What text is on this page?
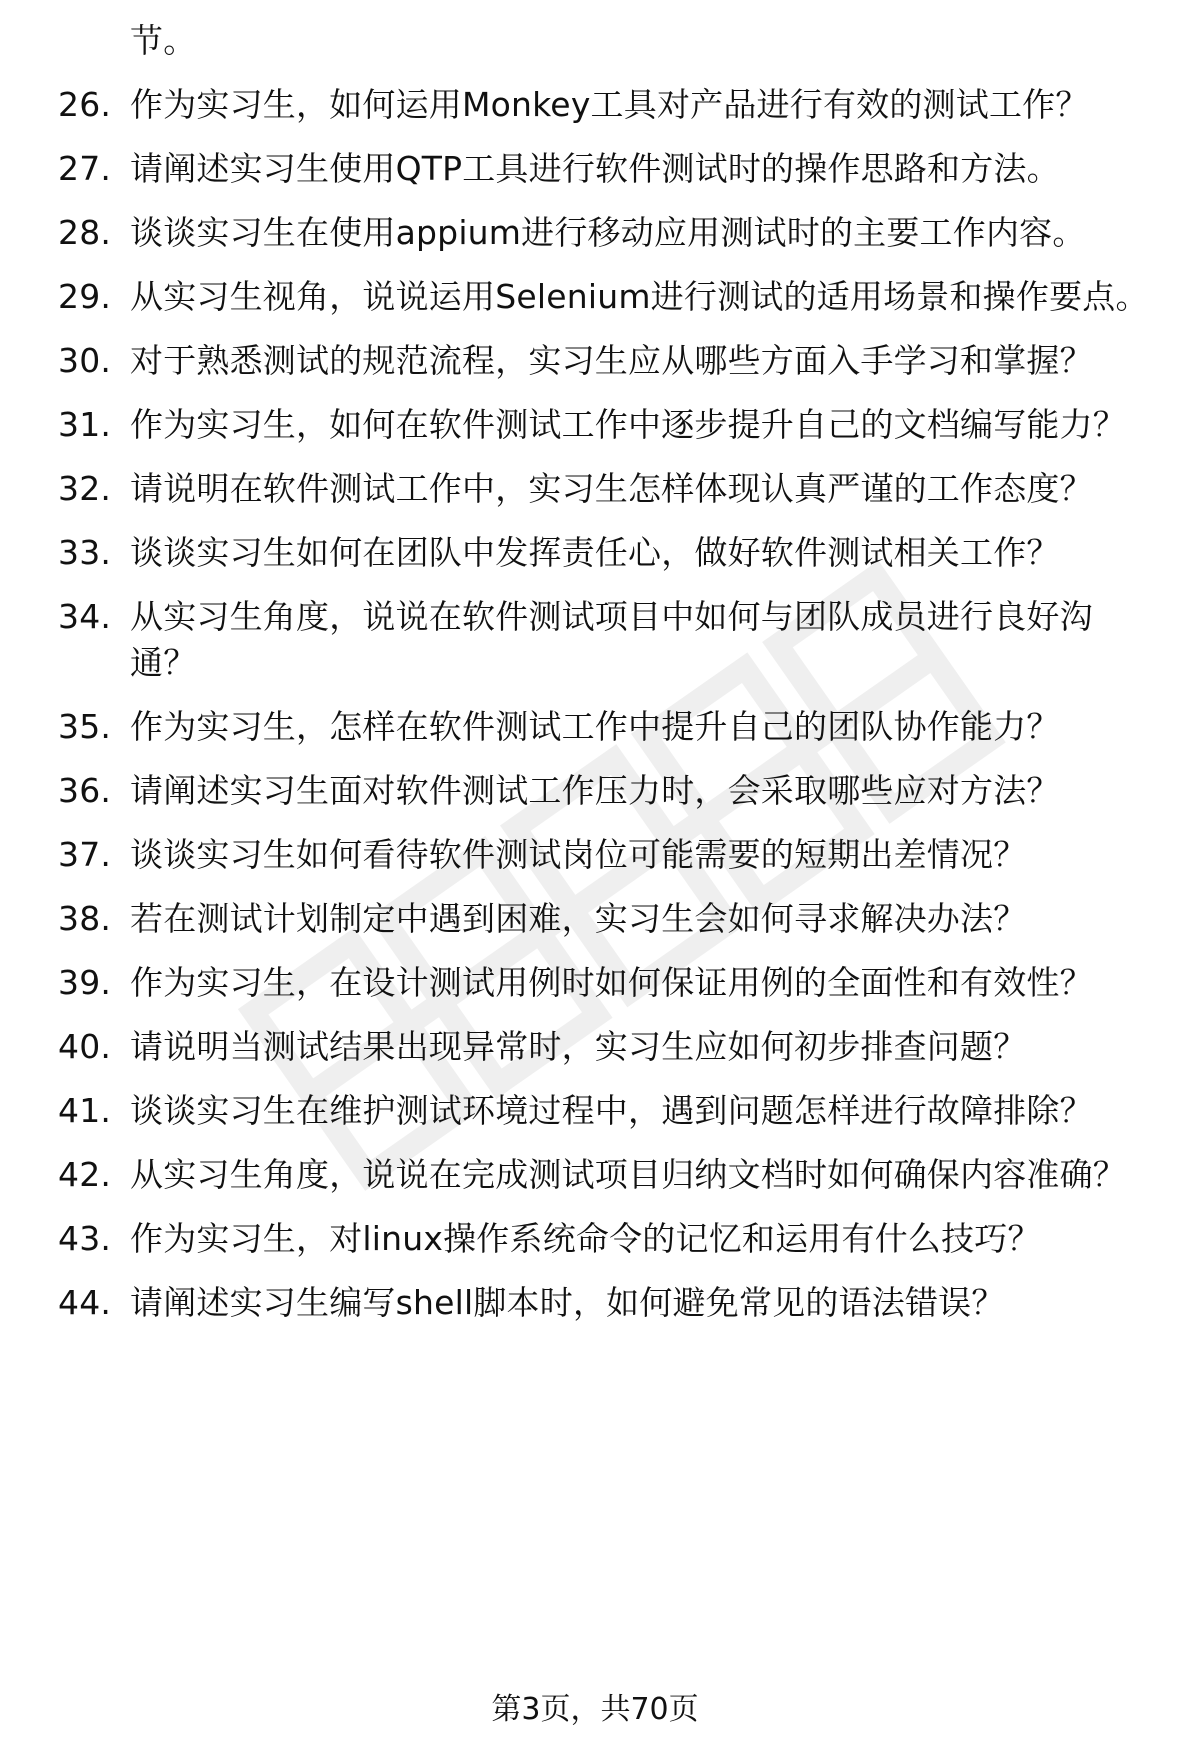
节。
26. 作为实习生，如何运用Monkey工具对产品进行有效的测试工作？
27. 请阐述实习生使用QTP工具进行软件测试时的操作思路和方法。
28. 谈谈实习生在使用appium进行移动应用测试时的主要工作内容。
29. 从实习生视角，说说运用Selenium进行测试的适用场景和操作要点。
30. 对于熟悉测试的规范流程，实习生应从哪些方面入手学习和掌握？
31. 作为实习生，如何在软件测试工作中逐步提升自己的文档编写能力？
32. 请说明在软件测试工作中，实习生怎样体现认真严谨的工作态度？
33. 谈谈实习生如何在团队中发挥责任心，做好软件测试相关工作？
34. 从实习生角度，说说在软件测试项目中如何与团队成员进行良好沟通？
35. 作为实习生，怎样在软件测试工作中提升自己的团队协作能力？
36. 请阐述实习生面对软件测试工作压力时，会采取哪些应对方法？
37. 谈谈实习生如何看待软件测试岗位可能需要的短期出差情况？
38. 若在测试计划制定中遇到困难，实习生会如何寻求解决办法？
39. 作为实习生，在设计测试用例时如何保证用例的全面性和有效性？
40. 请说明当测试结果出现异常时，实习生应如何初步排查问题？
41. 谈谈实习生在维护测试环境过程中，遇到问题怎样进行故障排除？
42. 从实习生角度，说说在完成测试项目归纳文档时如何确保内容准确？
43. 作为实习生，对linux操作系统命令的记忆和运用有什么技巧？
44. 请阐述实习生编写shell脚本时，如何避免常见的语法错误？
第3页，共70页
